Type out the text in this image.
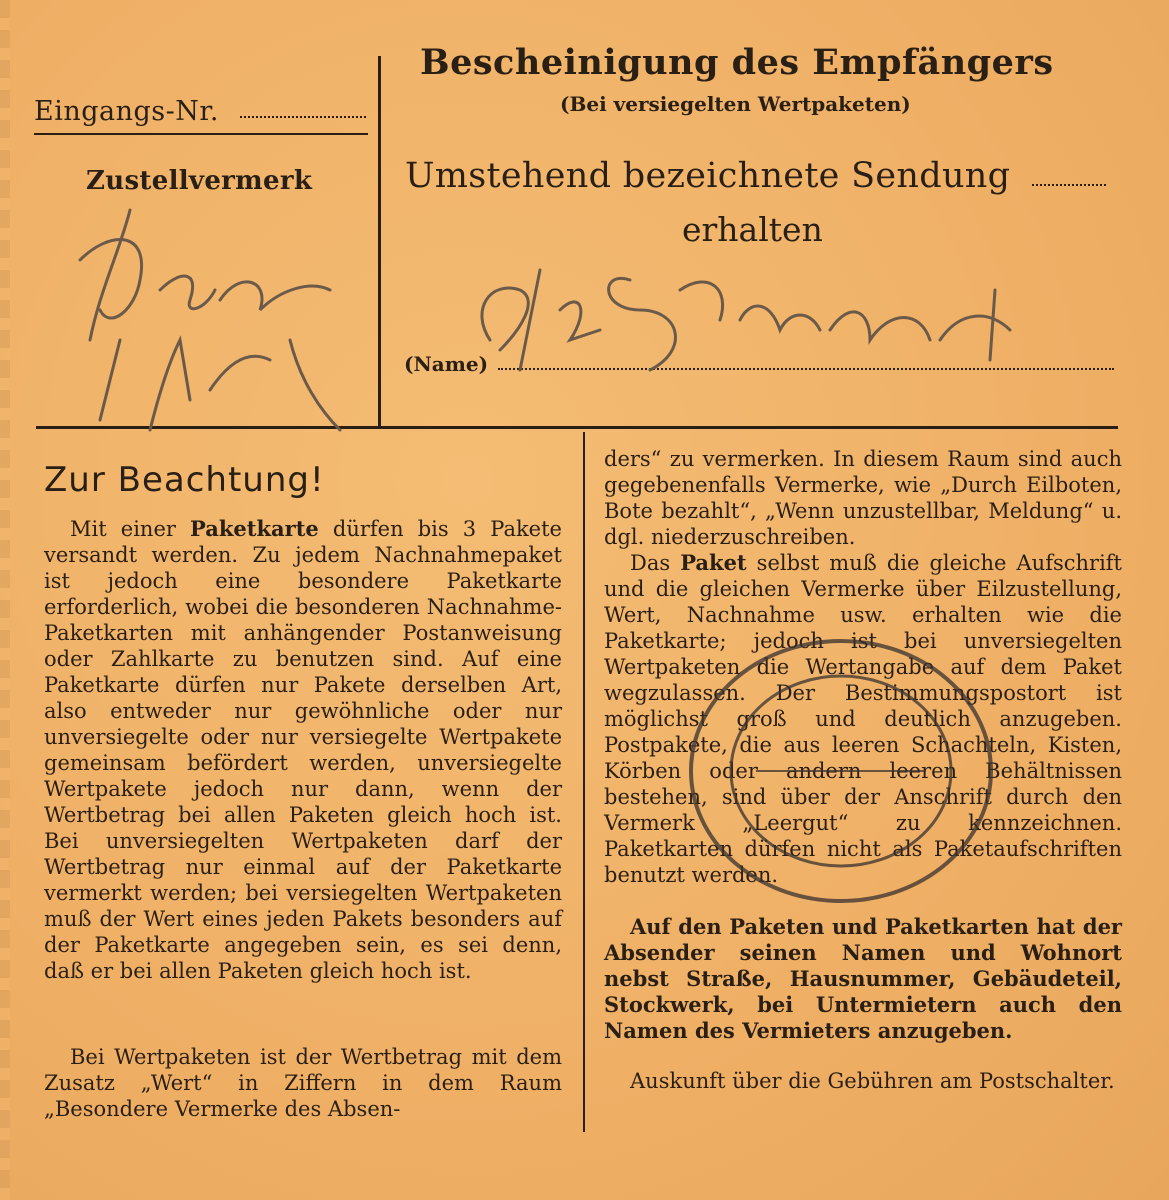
Eingangs-Nr.
Zustellvermerk
Bescheinigung des Empfängers
(Bei versiegelten Wertpaketen)
Umstehend bezeichnete Sendung
erhalten
(Name)
Zur Beachtung!

Mit einer Paketkarte dürfen bis 3 Pakete versandt werden. Zu jedem Nachnahmepaket ist jedoch eine besondere Paketkarte erforderlich, wobei die besonderen Nachnahme-Paketkarten mit anhängender Postanweisung oder Zahlkarte zu benutzen sind. Auf eine Paketkarte dürfen nur Pakete derselben Art, also entweder nur gewöhnliche oder nur unversiegelte oder nur versiegelte Wertpakete gemeinsam befördert werden, unversiegelte Wertpakete jedoch nur dann, wenn der Wertbetrag bei allen Paketen gleich hoch ist. Bei unversiegelten Wertpaketen darf der Wertbetrag nur einmal auf der Paketkarte vermerkt werden; bei versiegelten Wertpaketen muß der Wert eines jeden Pakets besonders auf der Paketkarte angegeben sein, es sei denn, daß er bei allen Paketen gleich hoch ist.

Bei Wertpaketen ist der Wertbetrag mit dem Zusatz „Wert“ in Ziffern in dem Raum „Besondere Vermerke des Absen-

ders“ zu vermerken. In diesem Raum sind auch gegebenenfalls Vermerke, wie „Durch Eilboten, Bote bezahlt“, „Wenn unzustellbar, Meldung“ u. dgl. niederzuschreiben.

Das Paket selbst muß die gleiche Aufschrift und die gleichen Vermerke über Eilzustellung, Wert, Nachnahme usw. erhalten wie die Paketkarte; jedoch ist bei unversiegelten Wertpaketen die Wertangabe auf dem Paket wegzulassen. Der Bestimmungspostort ist möglichst groß und deutlich anzugeben. Postpakete, die aus leeren Schachteln, Kisten, Körben oder andern leeren Behältnissen bestehen, sind über der Anschrift durch den Vermerk „Leergut“ zu kennzeichnen. Paketkarten dürfen nicht als Paketaufschriften benutzt werden.

Auf den Paketen und Paketkarten hat der Absender seinen Namen und Wohnort nebst Straße, Hausnummer, Gebäudeteil, Stockwerk, bei Untermietern auch den Namen des Vermieters anzugeben.

Auskunft über die Gebühren am Postschalter.
